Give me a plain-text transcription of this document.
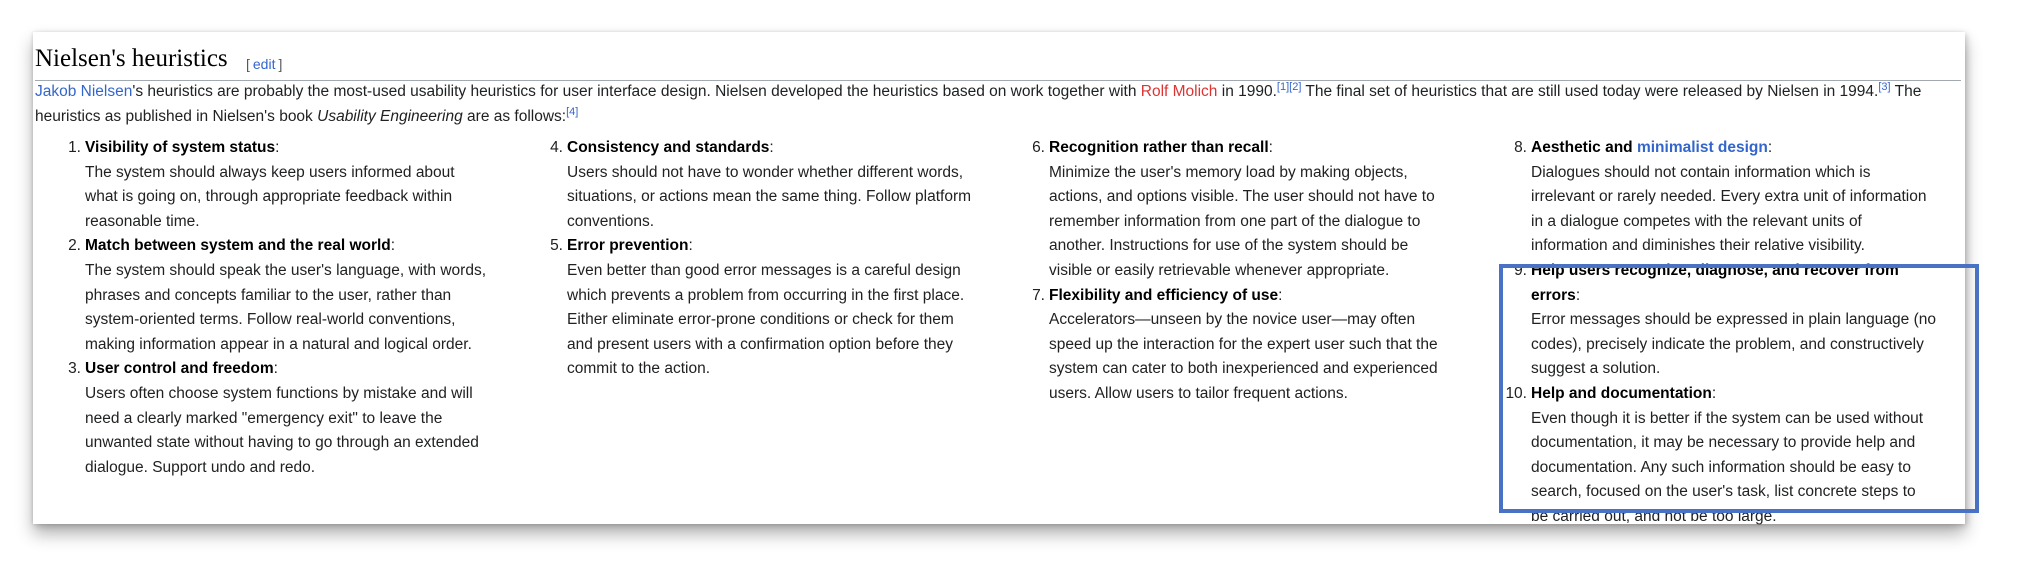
Nielsen's heuristics [ edit ]

Jakob Nielsen's heuristics are probably the most-used usability heuristics for user interface design. Nielsen developed the heuristics based on work together with Rolf Molich in 1990.[1][2] The final set of heuristics that are still used today were released by Nielsen in 1994.[3] The heuristics as published in Nielsen's book Usability Engineering are as follows:[4]

1. Visibility of system status:
The system should always keep users informed about what is going on, through appropriate feedback within reasonable time.
2. Match between system and the real world:
The system should speak the user's language, with words, phrases and concepts familiar to the user, rather than system-oriented terms. Follow real-world conventions, making information appear in a natural and logical order.
3. User control and freedom:
Users often choose system functions by mistake and will need a clearly marked "emergency exit" to leave the unwanted state without having to go through an extended dialogue. Support undo and redo.
4. Consistency and standards:
Users should not have to wonder whether different words, situations, or actions mean the same thing. Follow platform conventions.
5. Error prevention:
Even better than good error messages is a careful design which prevents a problem from occurring in the first place. Either eliminate error-prone conditions or check for them and present users with a confirmation option before they commit to the action.
6. Recognition rather than recall:
Minimize the user's memory load by making objects, actions, and options visible. The user should not have to remember information from one part of the dialogue to another. Instructions for use of the system should be visible or easily retrievable whenever appropriate.
7. Flexibility and efficiency of use:
Accelerators—unseen by the novice user—may often speed up the interaction for the expert user such that the system can cater to both inexperienced and experienced users. Allow users to tailor frequent actions.
8. Aesthetic and minimalist design:
Dialogues should not contain information which is irrelevant or rarely needed. Every extra unit of information in a dialogue competes with the relevant units of information and diminishes their relative visibility.
9. Help users recognize, diagnose, and recover from errors:
Error messages should be expressed in plain language (no codes), precisely indicate the problem, and constructively suggest a solution.
10. Help and documentation:
Even though it is better if the system can be used without documentation, it may be necessary to provide help and documentation. Any such information should be easy to search, focused on the user's task, list concrete steps to be carried out, and not be too large.
